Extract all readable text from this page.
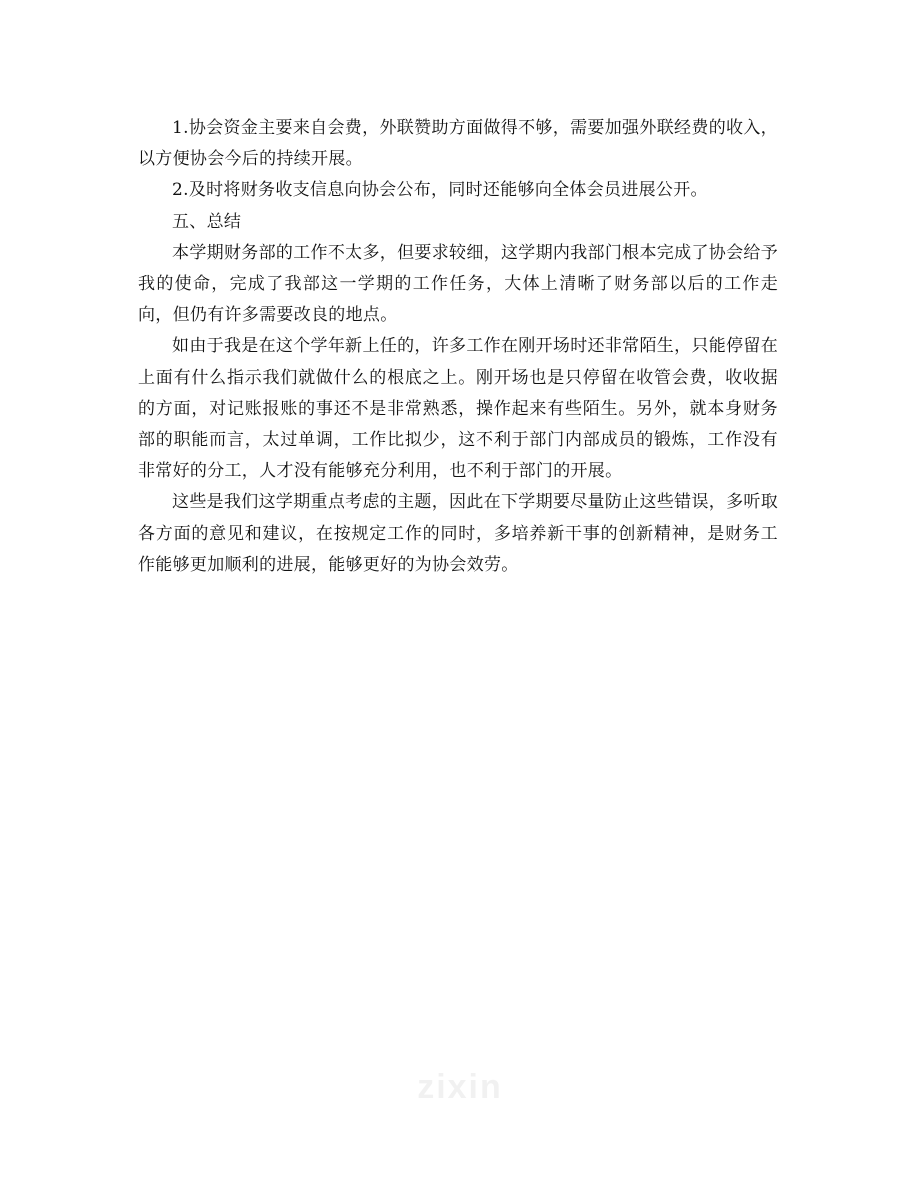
1.协会资金主要来自会费，外联赞助方面做得不够，需要加强外联经费的收入，以方便协会今后的持续开展。

2.及时将财务收支信息向协会公布，同时还能够向全体会员进展公开。

五、总结

本学期财务部的工作不太多，但要求较细，这学期内我部门根本完成了协会给予我的使命，完成了我部这一学期的工作任务，大体上清晰了财务部以后的工作走向，但仍有许多需要改良的地点。

如由于我是在这个学年新上任的，许多工作在刚开场时还非常陌生，只能停留在上面有什么指示我们就做什么的根底之上。刚开场也是只停留在收管会费，收收据的方面，对记账报账的事还不是非常熟悉，操作起来有些陌生。另外，就本身财务部的职能而言，太过单调，工作比拟少，这不利于部门内部成员的锻炼，工作没有非常好的分工，人才没有能够充分利用，也不利于部门的开展。

这些是我们这学期重点考虑的主题，因此在下学期要尽量防止这些错误，多听取各方面的意见和建议，在按规定工作的同时，多培养新干事的创新精神，是财务工作能够更加顺利的进展，能够更好的为协会效劳。

zixin
